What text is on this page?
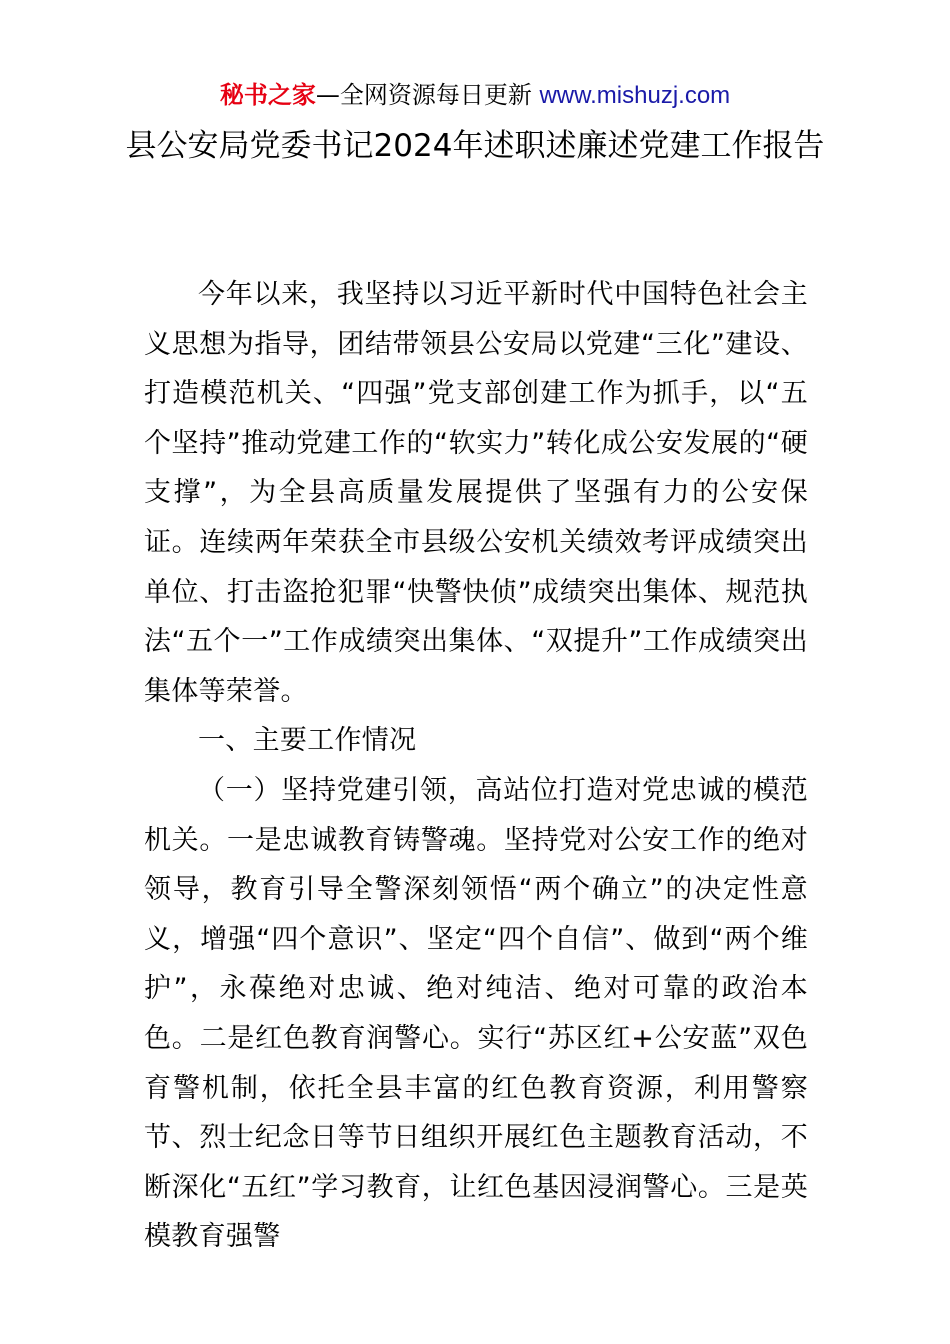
秘书之家—全网资源每日更新 www.mishuzj.com
县公安局党委书记2024年述职述廉述党建工作报告

今年以来，我坚持以习近平新时代中国特色社会主义思想为指导，团结带领县公安局以党建“三化”建设、打造模范机关、“四强”党支部创建工作为抓手，以“五个坚持”推动党建工作的“软实力”转化成公安发展的“硬支撑”，为全县高质量发展提供了坚强有力的公安保证。连续两年荣获全市县级公安机关绩效考评成绩突出单位、打击盗抢犯罪“快警快侦”成绩突出集体、规范执法“五个一”工作成绩突出集体、“双提升”工作成绩突出集体等荣誉。

一、主要工作情况

（一）坚持党建引领，高站位打造对党忠诚的模范机关。一是忠诚教育铸警魂。坚持党对公安工作的绝对领导，教育引导全警深刻领悟“两个确立”的决定性意义，增强“四个意识”、坚定“四个自信”、做到“两个维护”，永葆绝对忠诚、绝对纯洁、绝对可靠的政治本色。二是红色教育润警心。实行“苏区红+公安蓝”双色育警机制，依托全县丰富的红色教育资源，利用警察节、烈士纪念日等节日组织开展红色主题教育活动，不断深化“五红”学习教育，让红色基因浸润警心。三是英模教育强警
